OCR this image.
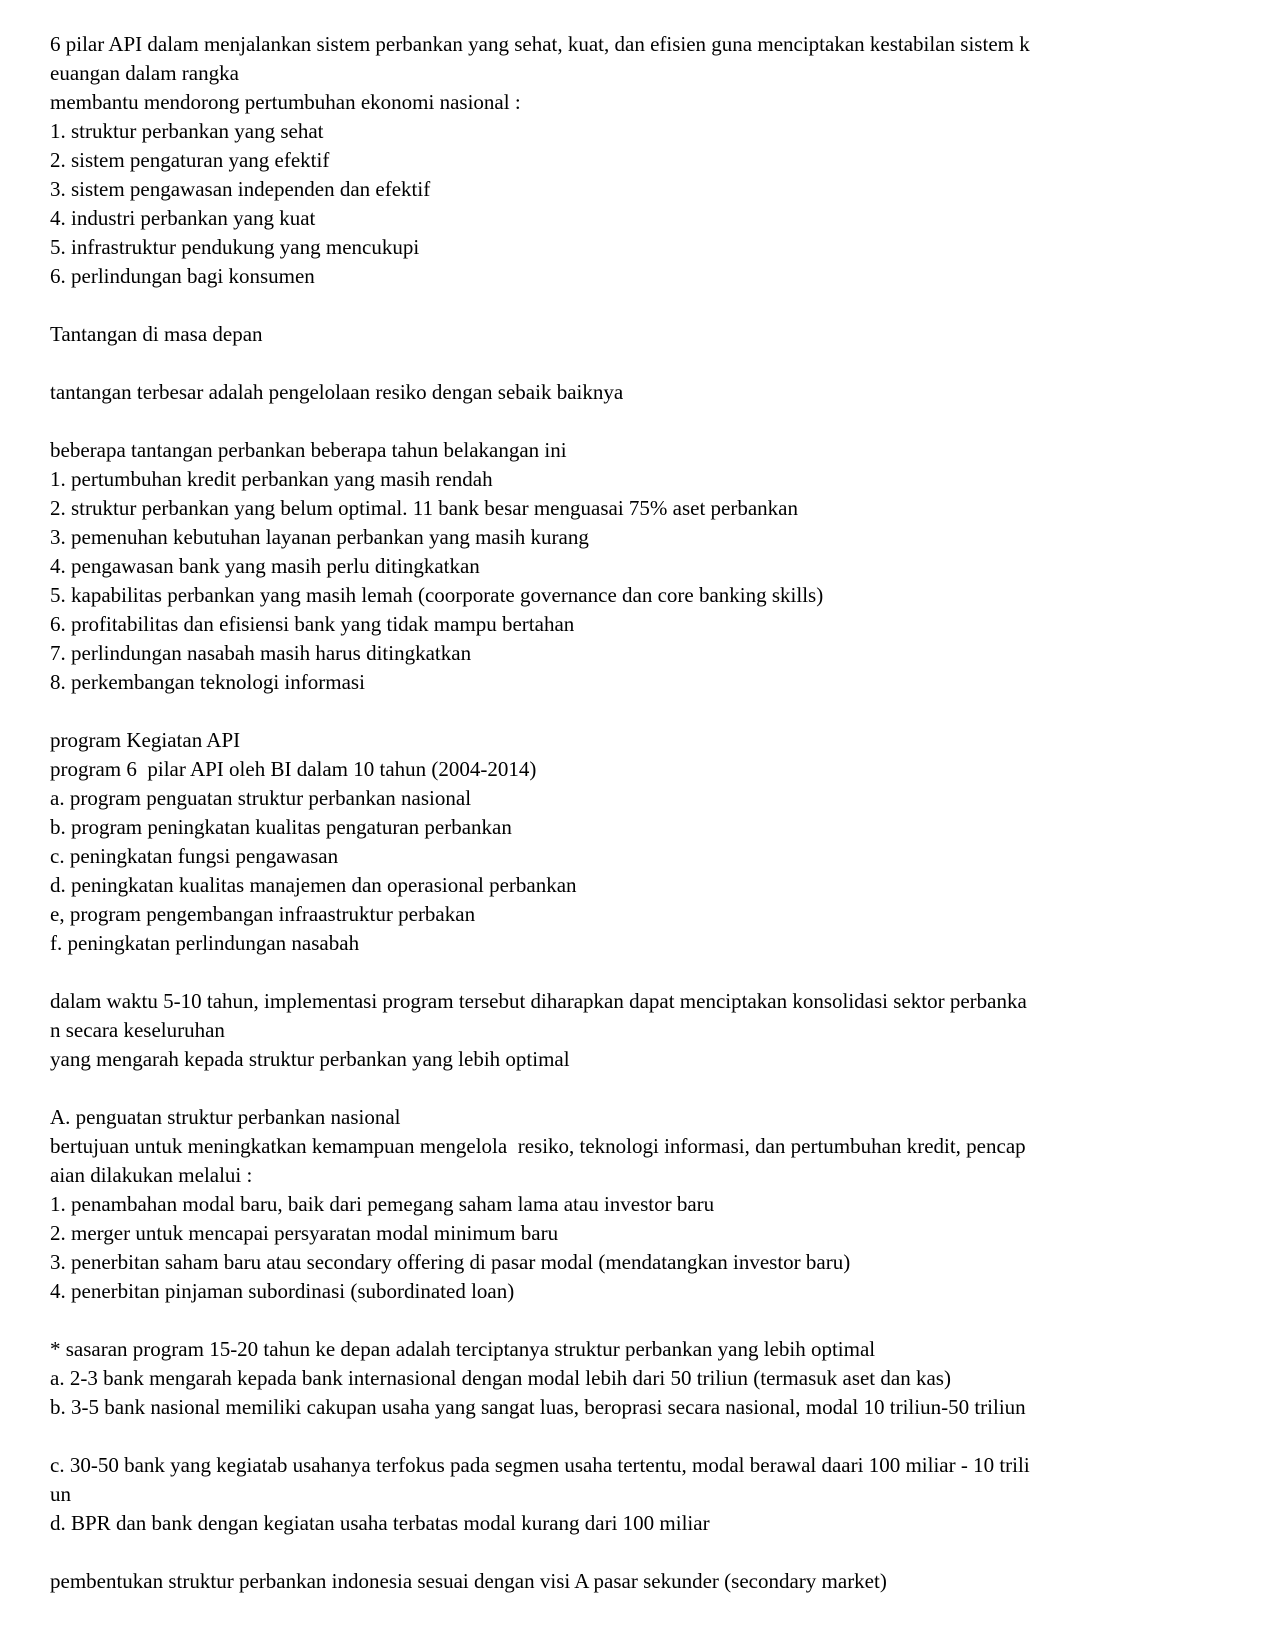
6 pilar API dalam menjalankan sistem perbankan yang sehat, kuat, dan efisien guna menciptakan kestabilan sistem k
euangan dalam rangka
membantu mendorong pertumbuhan ekonomi nasional :
1. struktur perbankan yang sehat
2. sistem pengaturan yang efektif
3. sistem pengawasan independen dan efektif
4. industri perbankan yang kuat
5. infrastruktur pendukung yang mencukupi
6. perlindungan bagi konsumen

Tantangan di masa depan

tantangan terbesar adalah pengelolaan resiko dengan sebaik baiknya

beberapa tantangan perbankan beberapa tahun belakangan ini
1. pertumbuhan kredit perbankan yang masih rendah
2. struktur perbankan yang belum optimal. 11 bank besar menguasai 75% aset perbankan
3. pemenuhan kebutuhan layanan perbankan yang masih kurang
4. pengawasan bank yang masih perlu ditingkatkan
5. kapabilitas perbankan yang masih lemah (coorporate governance dan core banking skills)
6. profitabilitas dan efisiensi bank yang tidak mampu bertahan
7. perlindungan nasabah masih harus ditingkatkan
8. perkembangan teknologi informasi

program Kegiatan API
program 6  pilar API oleh BI dalam 10 tahun (2004-2014)
a. program penguatan struktur perbankan nasional
b. program peningkatan kualitas pengaturan perbankan
c. peningkatan fungsi pengawasan
d. peningkatan kualitas manajemen dan operasional perbankan
e, program pengembangan infraastruktur perbakan
f. peningkatan perlindungan nasabah

dalam waktu 5-10 tahun, implementasi program tersebut diharapkan dapat menciptakan konsolidasi sektor perbanka
n secara keseluruhan
yang mengarah kepada struktur perbankan yang lebih optimal

A. penguatan struktur perbankan nasional
bertujuan untuk meningkatkan kemampuan mengelola  resiko, teknologi informasi, dan pertumbuhan kredit, pencap
aian dilakukan melalui :
1. penambahan modal baru, baik dari pemegang saham lama atau investor baru
2. merger untuk mencapai persyaratan modal minimum baru
3. penerbitan saham baru atau secondary offering di pasar modal (mendatangkan investor baru)
4. penerbitan pinjaman subordinasi (subordinated loan)

* sasaran program 15-20 tahun ke depan adalah terciptanya struktur perbankan yang lebih optimal
a. 2-3 bank mengarah kepada bank internasional dengan modal lebih dari 50 triliun (termasuk aset dan kas)
b. 3-5 bank nasional memiliki cakupan usaha yang sangat luas, beroprasi secara nasional, modal 10 triliun-50 triliun

c. 30-50 bank yang kegiatab usahanya terfokus pada segmen usaha tertentu, modal berawal daari 100 miliar - 10 trili
un
d. BPR dan bank dengan kegiatan usaha terbatas modal kurang dari 100 miliar

pembentukan struktur perbankan indonesia sesuai dengan visi A pasar sekunder (secondary market)
